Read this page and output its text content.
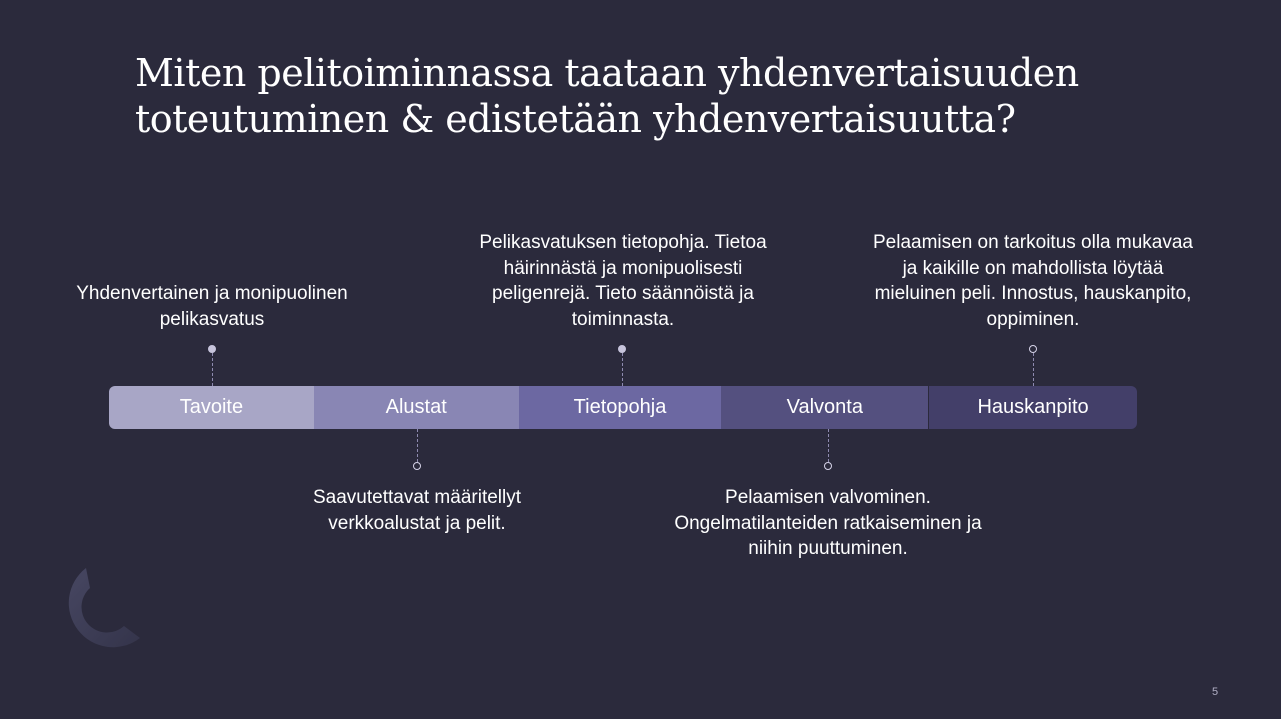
Miten pelitoiminnassa taataan yhdenvertaisuuden toteutuminen & edistetään yhdenvertaisuutta?
Yhdenvertainen ja monipuolinen pelikasvatus
Pelikasvatuksen tietopohja. Tietoa häirinnästä ja monipuolisesti peligenrejä. Tieto säännöistä ja toiminnasta.
Pelaamisen on tarkoitus olla mukavaa ja kaikille on mahdollista löytää mieluinen peli. Innostus, hauskanpito, oppiminen.
Tavoite	Alustat	Tietopohja	Valvonta	Hauskanpito
Saavutettavat määritellyt verkkoalustat ja pelit.
Pelaamisen valvominen. Ongelmatilanteiden ratkaiseminen ja niihin puuttuminen.
5
